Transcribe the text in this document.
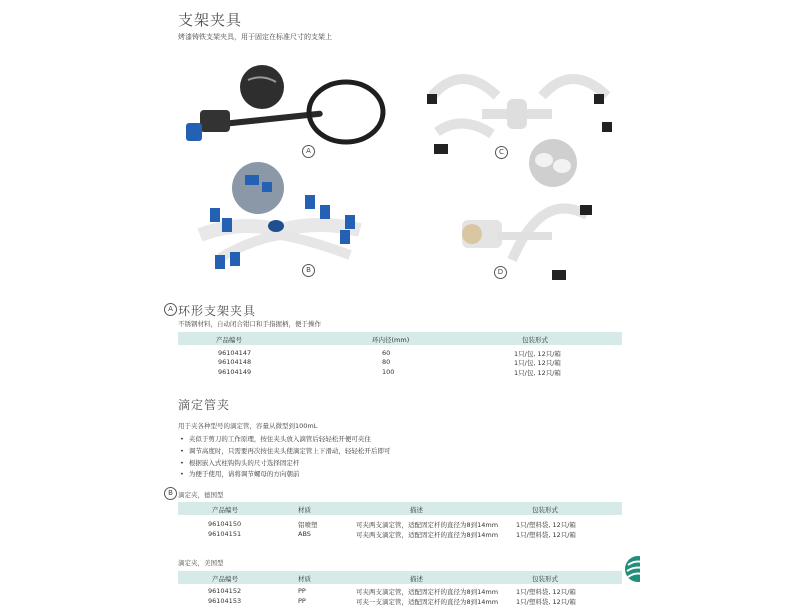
支架夹具
烤漆铸铁支架夹具，用于固定在标准尺寸的支架上
A
B
C
D
A 环形支架夹具
不锈钢材料，自动闭合钳口和手指握柄，便于操作
产品编号	环内径(mm)	包装形式
96104147	60	1只/包, 12只/箱
96104148	80	1只/包, 12只/箱
96104149	100	1只/包, 12只/箱
滴定管夹
用于夹各种型号的滴定管，容量从微型到100mL
• 夹似于剪刀的工作原理，按住夹头放入滴管后轻轻松开便可夹住
• 调节高度时，只需要再次按住夹头使滴定管上下滑动，轻轻松开后即可
• 根据嵌入式柱钩钩头的尺寸选择固定杆
• 为便于使用，请将调节螺母的方向朝前
B 滴定夹，德国型
产品编号	材质	描述	包装形式
96104150	铝喷塑	可夹两支滴定管，适配固定杆的直径为8到14mm	1只/塑料袋, 12只/箱
96104151	ABS	可夹两支滴定管，适配固定杆的直径为8到14mm	1只/塑料袋, 12只/箱
滴定夹，美国型
产品编号	材质	描述	包装形式
96104152	PP	可夹两支滴定管，适配固定杆的直径为8到14mm	1只/塑料袋, 12只/箱
96104153	PP	可夹一支滴定管，适配固定杆的直径为8到14mm	1只/塑料袋, 12只/箱
